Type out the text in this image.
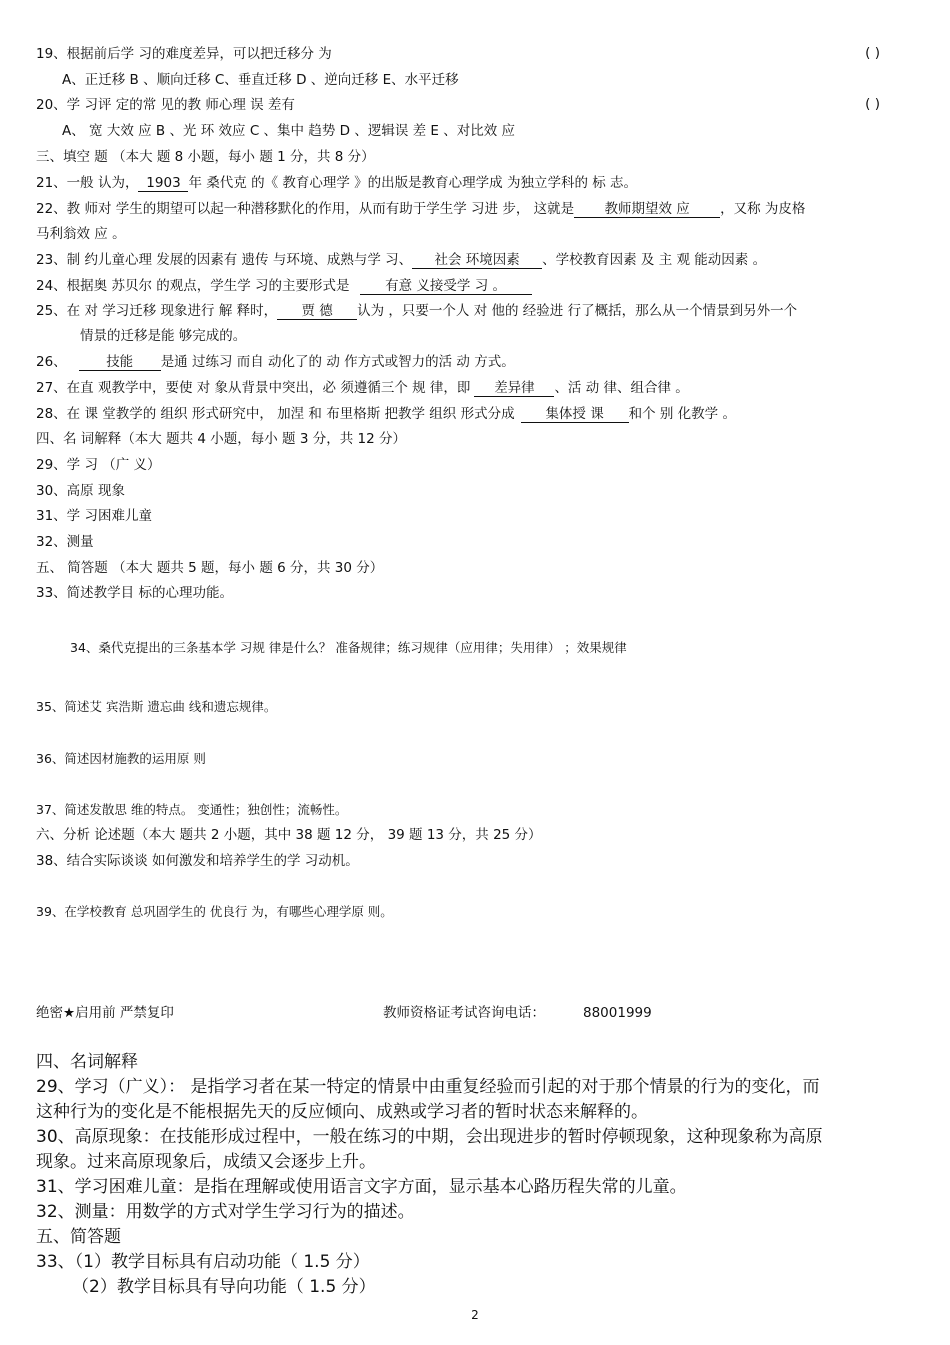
19、根据前后学 习的难度差异，可以把迁移分 为	( )
A、正迁移 B 、顺向迁移 C、垂直迁移 D 、逆向迁移 E、水平迁移
20、学 习评 定的常 见的教 师心理 误 差有	( )
A、 宽 大效 应 B 、光 环 效应 C 、集中 趋势 D 、逻辑误 差 E 、对比效 应
三、填空 题 （本大 题 8 小题，每小 题 1 分，共 8 分）
21、一般 认为， 1903 年 桑代克 的《 教育心理学 》的出版是教育心理学成 为独立学科的 标 志。
22、教 师对 学生的期望可以起一种潜移默化的作用，从而有助于学生学 习进 步， 这就是 教师期望效 应 ，又称 为皮格
马利翁效 应 。
23、制 约儿童心理 发展的因素有 遗传 与环境、成熟与学 习、 社会 环境因素 、学校教育因素 及 主 观 能动因素 。
24、根据奥 苏贝尔 的观点，学生学 习的主要形式是	有意 义接受学 习 。
25、在 对 学习迁移 现象进行 解 释时， 贾 德 认为 ，只要一个人 对 他的 经验进 行了概括，那么从一个情景到另外一个
情景的迁移是能 够完成的。
26、	技能 是通 过练习 而自 动化了的 动 作方式或智力的活 动 方式。
27、在直 观教学中，要使 对 象从背景中突出，必 须遵循三个 规 律，即 差异律 、活 动 律、组合律 。
28、在 课 堂教学的 组织 形式研究中， 加涅 和 布里格斯 把教学 组织 形式分成 集体授 课 和个 别 化教学 。
四、名 词解释（本大 题共 4 小题，每小 题 3 分，共 12 分）
29、学 习 （广 义）
30、高原 现象
31、学 习困难儿童
32、测量
五、 简答题 （本大 题共 5 题，每小 题 6 分，共 30 分）
33、简述教学目 标的心理功能。
34、桑代克提出的三条基本学 习规 律是什么？ 准备规律；练习规律（应用律；失用律） ；效果规律
35、简述艾 宾浩斯 遗忘曲 线和遗忘规律。
36、简述因材施教的运用原 则
37、简述发散思 维的特点。 变通性；独创性；流畅性。
六、分析 论述题（本大 题共 2 小题，其中 38 题 12 分， 39 题 13 分，共 25 分）
38、结合实际谈谈 如何激发和培养学生的学 习动机。
39、在学校教育 总巩固学生的 优良行 为，有哪些心理学原 则。
绝密★启用前 严禁复印	教师资格证考试咨询电话：	88001999
四、名词解释
29、学习（广义）： 是指学习者在某一特定的情景中由重复经验而引起的对于那个情景的行为的变化，而
这种行为的变化是不能根据先天的反应倾向、成熟或学习者的暂时状态来解释的。
30、高原现象：在技能形成过程中，一般在练习的中期，会出现进步的暂时停顿现象，这种现象称为高原
现象。过来高原现象后，成绩又会逐步上升。
31、学习困难儿童：是指在理解或使用语言文字方面，显示基本心路历程失常的儿童。
32、测量：用数学的方式对学生学习行为的描述。
五、简答题
33、（1）教学目标具有启动功能（ 1.5 分）
（2）教学目标具有导向功能（ 1.5 分）
2
